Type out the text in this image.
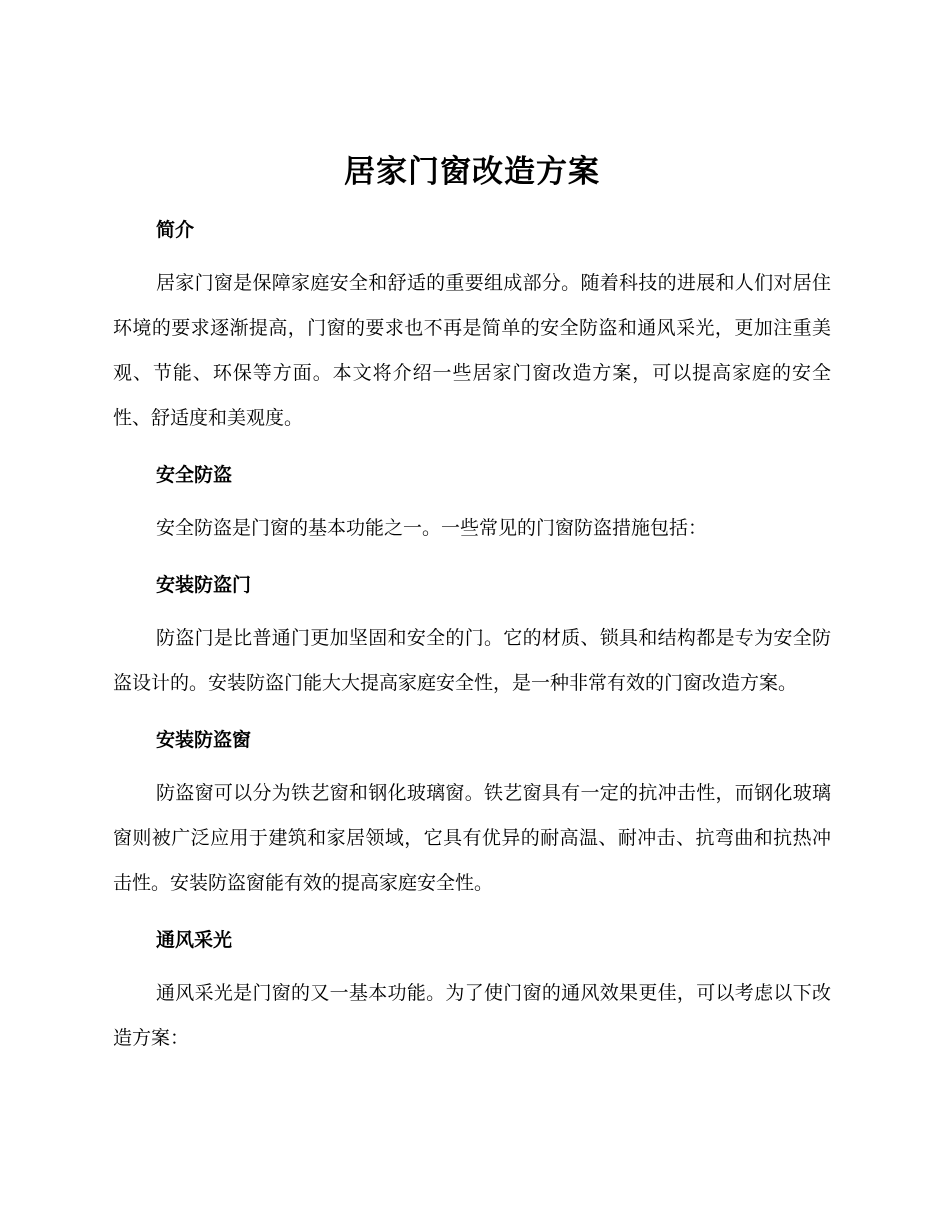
居家门窗改造方案

简介

居家门窗是保障家庭安全和舒适的重要组成部分。随着科技的进展和人们对居住环境的要求逐渐提高，门窗的要求也不再是简单的安全防盗和通风采光，更加注重美观、节能、环保等方面。本文将介绍一些居家门窗改造方案，可以提高家庭的安全性、舒适度和美观度。

安全防盗

安全防盗是门窗的基本功能之一。一些常见的门窗防盗措施包括：

安装防盗门

防盗门是比普通门更加坚固和安全的门。它的材质、锁具和结构都是专为安全防盗设计的。安装防盗门能大大提高家庭安全性，是一种非常有效的门窗改造方案。

安装防盗窗

防盗窗可以分为铁艺窗和钢化玻璃窗。铁艺窗具有一定的抗冲击性，而钢化玻璃窗则被广泛应用于建筑和家居领域，它具有优异的耐高温、耐冲击、抗弯曲和抗热冲击性。安装防盗窗能有效的提高家庭安全性。

通风采光

通风采光是门窗的又一基本功能。为了使门窗的通风效果更佳，可以考虑以下改造方案：
